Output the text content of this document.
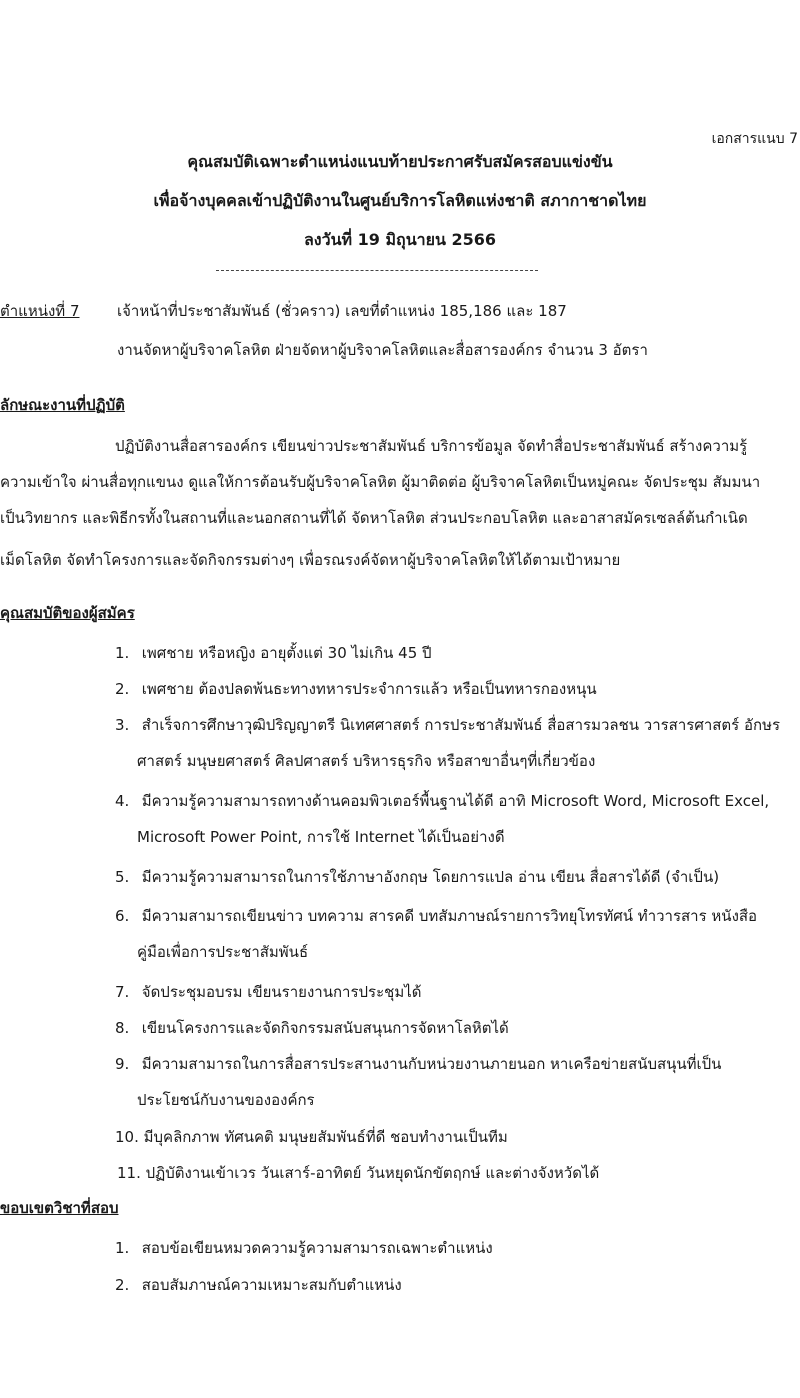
เอกสารแนบ 7
คุณสมบัติเฉพาะตำแหน่งแนบท้ายประกาศรับสมัครสอบแข่งขัน
เพื่อจ้างบุคคลเข้าปฏิบัติงานในศูนย์บริการโลหิตแห่งชาติ สภากาชาดไทย
ลงวันที่ 19 มิถุนายน 2566
ตำแหน่งที่ 7	เจ้าหน้าที่ประชาสัมพันธ์ (ชั่วคราว) เลขที่ตำแหน่ง 185,186 และ 187
งานจัดหาผู้บริจาคโลหิต ฝ่ายจัดหาผู้บริจาคโลหิตและสื่อสารองค์กร จำนวน 3 อัตรา
ลักษณะงานที่ปฏิบัติ
ปฏิบัติงานสื่อสารองค์กร เขียนข่าวประชาสัมพันธ์ บริการข้อมูล จัดทำสื่อประชาสัมพันธ์ สร้างความรู้
ความเข้าใจ ผ่านสื่อทุกแขนง ดูแลให้การต้อนรับผู้บริจาคโลหิต ผู้มาติดต่อ ผู้บริจาคโลหิตเป็นหมู่คณะ จัดประชุม สัมมนา
เป็นวิทยากร และพิธีกรทั้งในสถานที่และนอกสถานที่ได้ จัดหาโลหิต ส่วนประกอบโลหิต และอาสาสมัครเซลล์ต้นกำเนิด
เม็ดโลหิต จัดทำโครงการและจัดกิจกรรมต่างๆ เพื่อรณรงค์จัดหาผู้บริจาคโลหิตให้ได้ตามเป้าหมาย
คุณสมบัติของผู้สมัคร
1. เพศชาย หรือหญิง อายุตั้งแต่ 30 ไม่เกิน 45 ปี
2. เพศชาย ต้องปลดพ้นธะทางทหารประจำการแล้ว หรือเป็นทหารกองหนุน
3. สำเร็จการศึกษาวุฒิปริญญาตรี นิเทศศาสตร์ การประชาสัมพันธ์ สื่อสารมวลชน วารสารศาสตร์ อักษร
ศาสตร์ มนุษยศาสตร์ ศิลปศาสตร์ บริหารธุรกิจ หรือสาขาอื่นๆที่เกี่ยวข้อง
4. มีความรู้ความสามารถทางด้านคอมพิวเตอร์พื้นฐานได้ดี อาทิ Microsoft Word, Microsoft Excel,
Microsoft Power Point, การใช้ Internet ได้เป็นอย่างดี
5. มีความรู้ความสามารถในการใช้ภาษาอังกฤษ โดยการแปล อ่าน เขียน สื่อสารได้ดี (จำเป็น)
6. มีความสามารถเขียนข่าว บทความ สารคดี บทสัมภาษณ์รายการวิทยุโทรทัศน์ ทำวารสาร หนังสือ
คู่มือเพื่อการประชาสัมพันธ์
7. จัดประชุมอบรม เขียนรายงานการประชุมได้
8. เขียนโครงการและจัดกิจกรรมสนับสนุนการจัดหาโลหิตได้
9. มีความสามารถในการสื่อสารประสานงานกับหน่วยงานภายนอก หาเครือข่ายสนับสนุนที่เป็น
ประโยชน์กับงานขององค์กร
10. มีบุคลิกภาพ ทัศนคติ มนุษยสัมพันธ์ที่ดี ชอบทำงานเป็นทีม
11. ปฏิบัติงานเข้าเวร วันเสาร์-อาทิตย์ วันหยุดนักขัตฤกษ์ และต่างจังหวัดได้
ขอบเขตวิชาที่สอบ
1. สอบข้อเขียนหมวดความรู้ความสามารถเฉพาะตำแหน่ง
2. สอบสัมภาษณ์ความเหมาะสมกับตำแหน่ง
